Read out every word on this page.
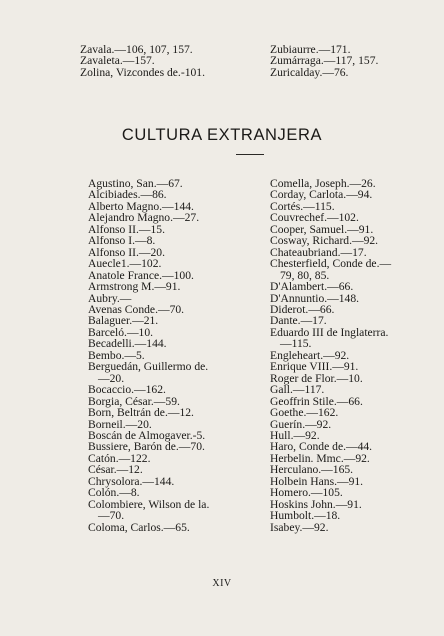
Zavala.—106, 107, 157.
Zavaleta.—157.
Zolina, Vizcondes de.-101.
Zubiaurre.—171.
Zumárraga.—117, 157.
Zuricalday.—76.
CULTURA EXTRANJERA
Agustino, San.—67.
Alcibiades.—86.
Alberto Magno.—144.
Alejandro Magno.—27.
Alfonso II.—15.
Alfonso I.—8.
Alfonso II.—20.
Auecle1.—102.
Anatole France.—100.
Armstrong M.—91.
Aubry.—
Avenas Conde.—70.
Balaguer.—21.
Barceló.—10.
Becadelli.—144.
Bembo.—5.
Berguedán, Guillermo de.
—20.
Bocaccio.—162.
Borgia, César.—59.
Born, Beltrán de.—12.
Borneil.—20.
Boscán de Almogaver.-5.
Bussiere, Barón de.—70.
Catón.—122.
César.—12.
Chrysolora.—144.
Colón.—8.
Colombiere, Wilson de la.
—70.
Coloma, Carlos.—65.
Comella, Joseph.—26.
Corday, Carlota.—94.
Cortés.—115.
Couvrechef.—102.
Cooper, Samuel.—91.
Cosway, Richard.—92.
Chateaubriand.—17.
Chesterfield, Conde de.—
79, 80, 85.
D'Alambert.—66.
D'Annuntio.—148.
Diderot.—66.
Dante.—17.
Eduardo III de Inglaterra.
—115.
Engleheart.—92.
Enrique VIII.—91.
Roger de Flor.—10.
Gall.—117.
Geoffrin Stile.—66.
Goethe.—162.
Guerín.—92.
Hull.—92.
Haro, Conde de.—44.
Herbelin. Mmc.—92.
Herculano.—165.
Holbein Hans.—91.
Homero.—105.
Hoskins John.—91.
Humbolt.—18.
Isabey.—92.
XIV
